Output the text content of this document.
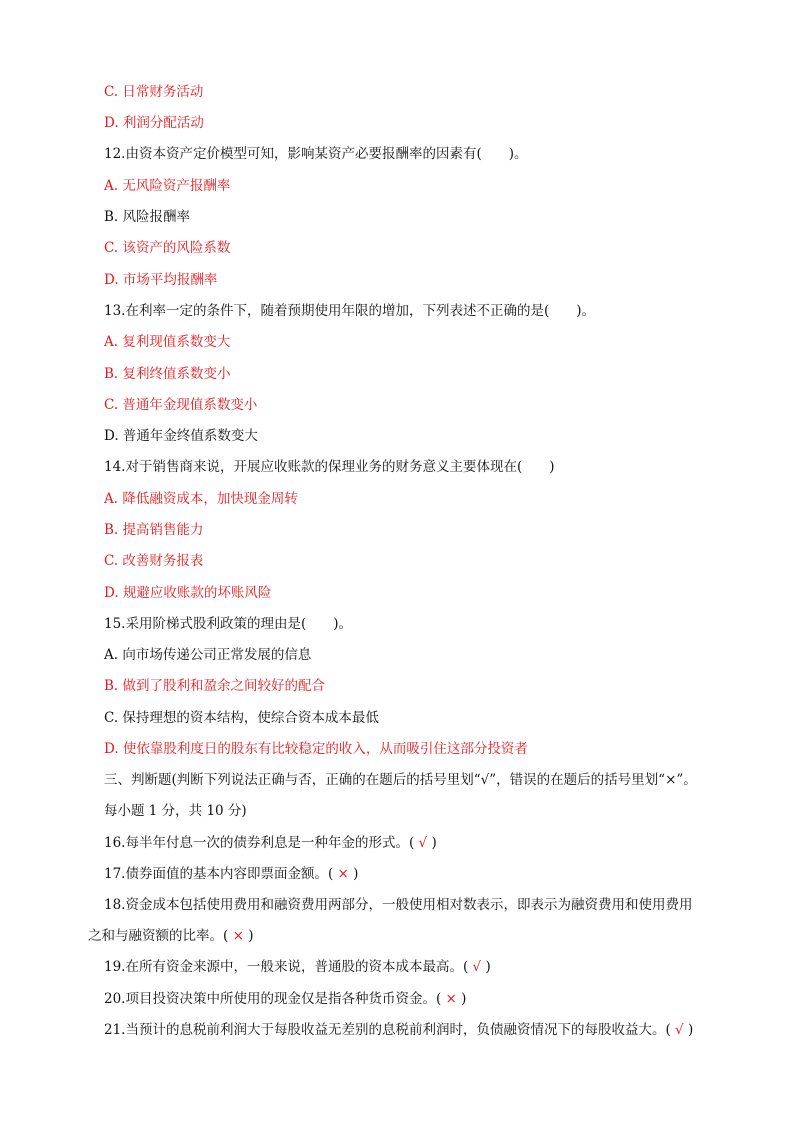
C. 日常财务活动
D. 利润分配活动
12.由资本资产定价模型可知，影响某资产必要报酬率的因素有(　　)。
A. 无风险资产报酬率
B. 风险报酬率
C. 该资产的风险系数
D. 市场平均报酬率
13.在利率一定的条件下，随着预期使用年限的增加，下列表述不正确的是(　　)。
A. 复利现值系数变大
B. 复利终值系数变小
C. 普通年金现值系数变小
D. 普通年金终值系数变大
14.对于销售商来说，开展应收账款的保理业务的财务意义主要体现在(　　)
A. 降低融资成本，加快现金周转
B. 提高销售能力
C. 改善财务报表
D. 规避应收账款的坏账风险
15.采用阶梯式股利政策的理由是(　　)。
A. 向市场传递公司正常发展的信息
B. 做到了股利和盈余之间较好的配合
C. 保持理想的资本结构，使综合资本成本最低
D. 使依靠股利度日的股东有比较稳定的收入，从而吸引住这部分投资者
三、判断题(判断下列说法正确与否，正确的在题后的括号里划“√”，错误的在题后的括号里划“×”。
每小题 1 分，共 10 分)
16.每半年付息一次的债券利息是一种年金的形式。( √ )
17.债券面值的基本内容即票面金额。( × )
18.资金成本包括使用费用和融资费用两部分，一般使用相对数表示，即表示为融资费用和使用费用
之和与融资额的比率。( × )
19.在所有资金来源中，一般来说，普通股的资本成本最高。( √ )
20.项目投资决策中所使用的现金仅是指各种货币资金。( × )
21.当预计的息税前利润大于每股收益无差别的息税前利润时，负债融资情况下的每股收益大。( √ )
